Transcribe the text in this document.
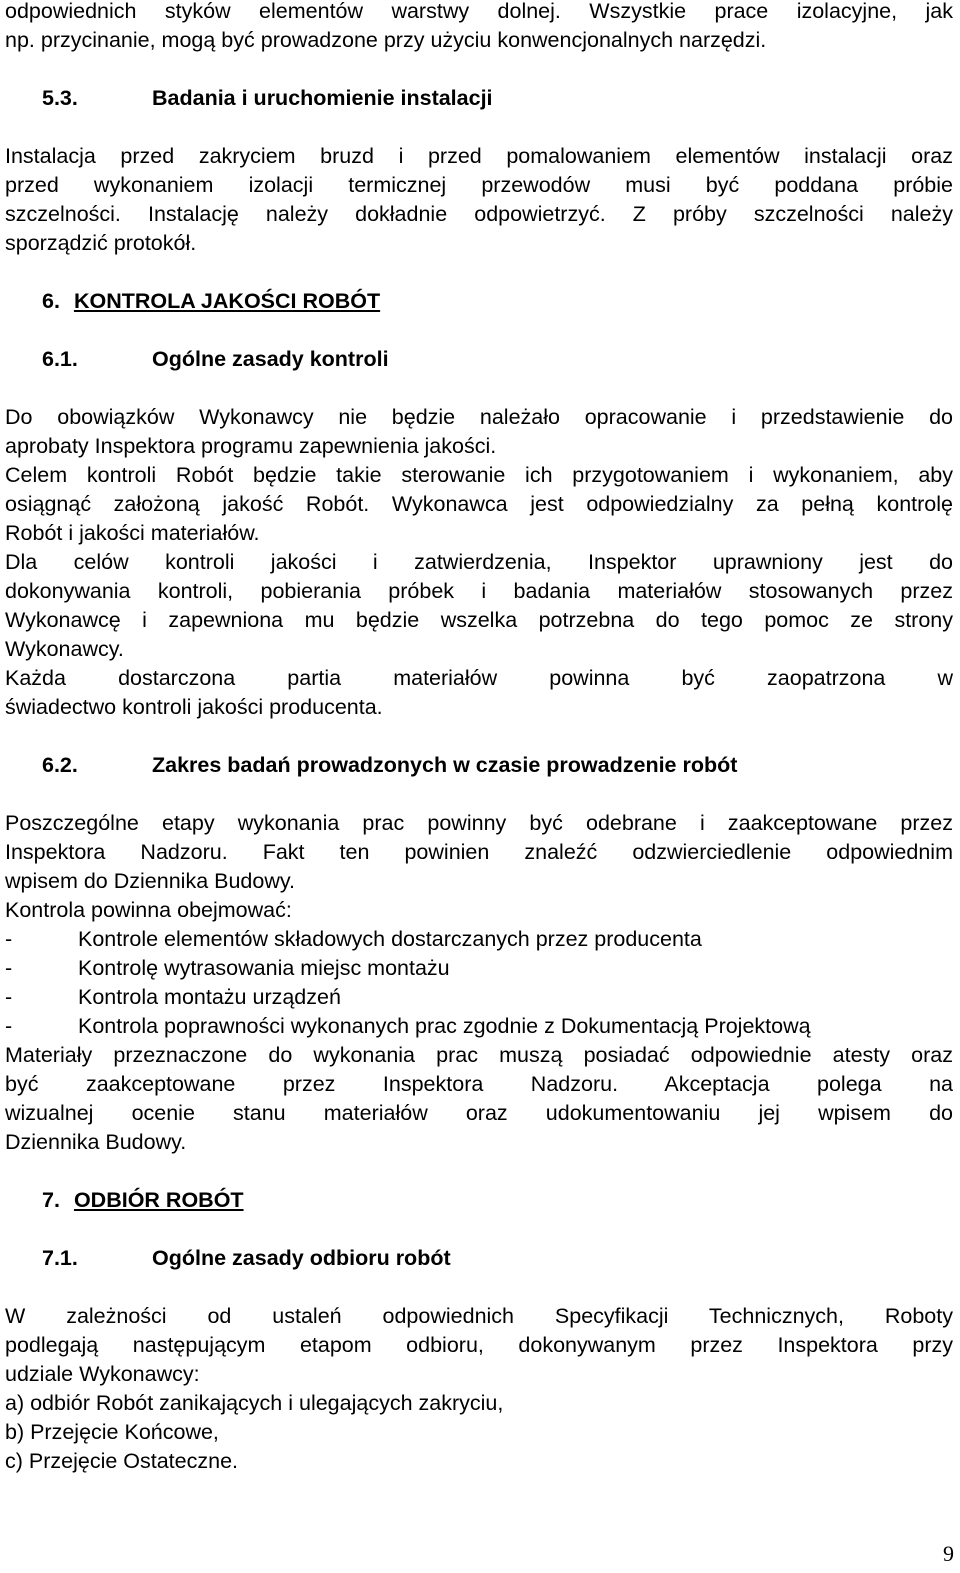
odpowiednich styków elementów warstwy dolnej. Wszystkie prace izolacyjne, jak

np. przycinanie, mogą być prowadzone przy użyciu konwencjonalnych narzędzi.

5.3.	Badania i uruchomienie instalacji

Instalacja przed zakryciem bruzd i przed pomalowaniem elementów instalacji oraz

przed wykonaniem izolacji termicznej przewodów musi być poddana próbie

szczelności. Instalację należy dokładnie odpowietrzyć. Z próby szczelności należy

sporządzić protokół.

6. KONTROLA JAKOŚCI ROBÓT
6.1.	Ogólne zasady kontroli

Do obowiązków Wykonawcy nie będzie należało opracowanie i przedstawienie do

aprobaty Inspektora programu zapewnienia jakości.

Celem kontroli Robót będzie takie sterowanie ich przygotowaniem i wykonaniem, aby

osiągnąć założoną jakość Robót. Wykonawca jest odpowiedzialny za pełną kontrolę

Robót i jakości materiałów.

Dla celów kontroli jakości i zatwierdzenia, Inspektor uprawniony jest do

dokonywania kontroli, pobierania próbek i badania materiałów stosowanych przez

Wykonawcę i zapewniona mu będzie wszelka potrzebna do tego pomoc ze strony

Wykonawcy.

Każda dostarczona partia materiałów powinna być zaopatrzona w

świadectwo kontroli jakości producenta.

6.2.	Zakres badań prowadzonych w czasie prowadzenie robót

Poszczególne etapy wykonania prac powinny być odebrane i zaakceptowane przez

Inspektora Nadzoru. Fakt ten powinien znaleźć odzwierciedlenie odpowiednim

wpisem do Dziennika Budowy.

Kontrola powinna obejmować:

-	Kontrole elementów składowych dostarczanych przez producenta
-	Kontrolę wytrasowania miejsc montażu
-	Kontrola montażu urządzeń
-	Kontrola poprawności wykonanych prac zgodnie z Dokumentacją Projektową

Materiały przeznaczone do wykonania prac muszą posiadać odpowiednie atesty oraz

być zaakceptowane przez Inspektora Nadzoru. Akceptacja polega na

wizualnej ocenie stanu materiałów oraz udokumentowaniu jej wpisem do

Dziennika Budowy.

7. ODBIÓR ROBÓT
7.1.	Ogólne zasady odbioru robót

W zależności od ustaleń odpowiednich Specyfikacji Technicznych, Roboty

podlegają następującym etapom odbioru, dokonywanym przez Inspektora przy

udziale Wykonawcy:

a) odbiór Robót zanikających i ulegających zakryciu,

b) Przejęcie Końcowe,

c) Przejęcie Ostateczne.

9
